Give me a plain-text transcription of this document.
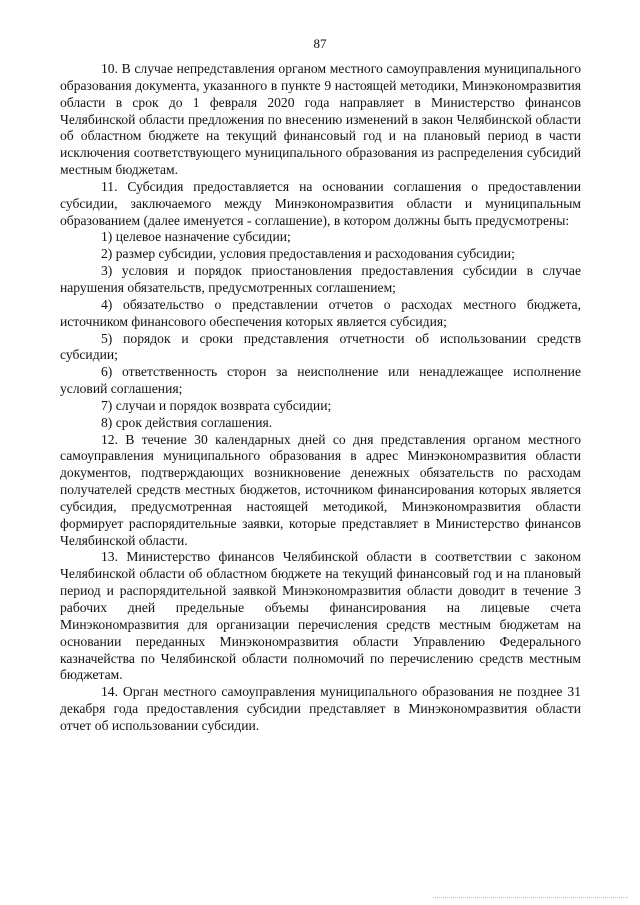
87

10. В случае непредставления органом местного самоуправления муниципального образования документа, указанного в пункте 9 настоящей методики, Минэкономразвития области в срок до 1 февраля 2020 года направляет в Министерство финансов Челябинской области предложения по внесению изменений в закон Челябинской области об областном бюджете на текущий финансовый год и на плановый период в части исключения соответствующего муниципального образования из распределения субсидий местным бюджетам.

11. Субсидия предоставляется на основании соглашения о предоставлении субсидии, заключаемого между Минэкономразвития области и муниципальным образованием (далее именуется - соглашение), в котором должны быть предусмотрены:

1) целевое назначение субсидии;

2) размер субсидии, условия предоставления и расходования субсидии;

3) условия и порядок приостановления предоставления субсидии в случае нарушения обязательств, предусмотренных соглашением;

4) обязательство о представлении отчетов о расходах местного бюджета, источником финансового обеспечения которых является субсидия;

5) порядок и сроки представления отчетности об использовании средств субсидии;

6) ответственность сторон за неисполнение или ненадлежащее исполнение условий соглашения;

7) случаи и порядок возврата субсидии;

8) срок действия соглашения.

12. В течение 30 календарных дней со дня представления органом местного самоуправления муниципального образования в адрес Минэкономразвития области документов, подтверждающих возникновение денежных обязательств по расходам получателей средств местных бюджетов, источником финансирования которых является субсидия, предусмотренная настоящей методикой, Минэкономразвития области формирует распорядительные заявки, которые представляет в Министерство финансов Челябинской области.

13. Министерство финансов Челябинской области в соответствии с законом Челябинской области об областном бюджете на текущий финансовый год и на плановый период и распорядительной заявкой Минэкономразвития области доводит в течение 3 рабочих дней предельные объемы финансирования на лицевые счета Минэкономразвития для организации перечисления средств местным бюджетам на основании переданных Минэкономразвития области Управлению Федерального казначейства по Челябинской области полномочий по перечислению средств местным бюджетам.

14. Орган местного самоуправления муниципального образования не позднее 31 декабря года предоставления субсидии представляет в Минэкономразвития области отчет об использовании субсидии.
